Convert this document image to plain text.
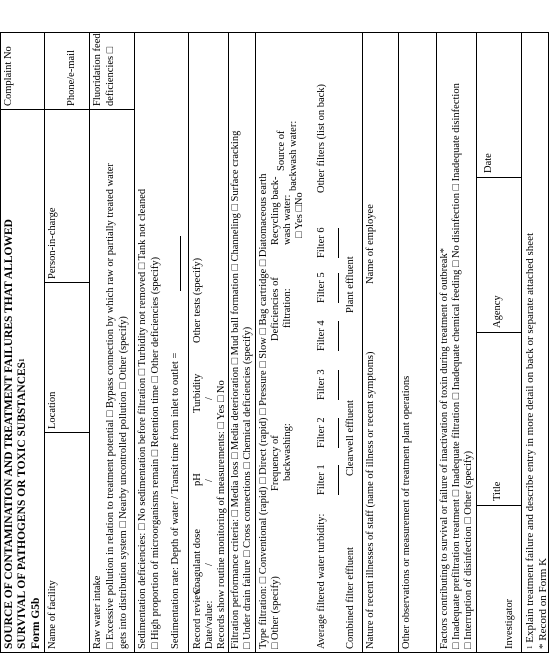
SOURCE OF CONTAMINATION AND TREATMENT FAILURES THAT ALLOWED SURVIVAL OF PATHOGENS OR TOXIC SUBSTANCES$^1$
Form G5b
Complaint No
Name of facility
Location
Person-in-charge
Phone/e-mail
Raw water intake □ Excessive pollution in relation to treatment potential □ Bypass connection by which raw or partially treated water gets into distribution system □ Nearby uncontrolled pollution □ Other (specify)
Fluoridation feed deficiencies □
Sedimentation deficiencies: □ No sedimentation before filtration □ Turbidity not removed □ Tank not cleaned □ High proportion of microorganisms remain □ Retention time □ Other deficiencies (specify) Sedimentation rate: Depth of water / Transit time from inlet to outlet = Record review:
Coagulant dose
pH
Turbidity
Other tests (specify)
Date/value:
/
/
/ Records show routine monitoring of measurements: □ Yes □ No Filtration performance criteria: □ Media loss □ Media deterioration □ Mud ball formation □ Channeling □ Surface cracking □ Under drain failure □ Cross connections □ Chemical deficiencies (specify) Type filtration: □ Conventional (rapid) □ Direct (rapid) □ Pressure □ Slow □ Bag cartridge □ Diatomaceous earth □ Other (specify)
Frequency of backwashing:
Deficiencies of filtration:
Recycling back- wash water: □ Yes □No
Source of backwash water:
Average filtered water turbidity:
Filter 1
Filter 2
Filter 3
Filter 4
Filter 5
Filter 6
Other filters (list on back)
Combined filter effluent
Clearwell effluent
Plant effluent
Nature of recent illnesses of staff (name of illness or recent symptoms)
Name of employee
Other observations or measurement of treatment plant operations	Factors contributing to survival or failure of inactivation of toxin during treatment of outbreak* □ Inadequate prefiltration treatment □ Inadequate filtration □ Inadequate chemical feeding □ No disinfection □ Inadequate disinfection □ Interruption of disinfection □ Other (specify)	Investigator
Title
Agency
Date
$^1$ Explain treatment failure and describe entry in more detail on back or separate attached sheet * Record on Form K
